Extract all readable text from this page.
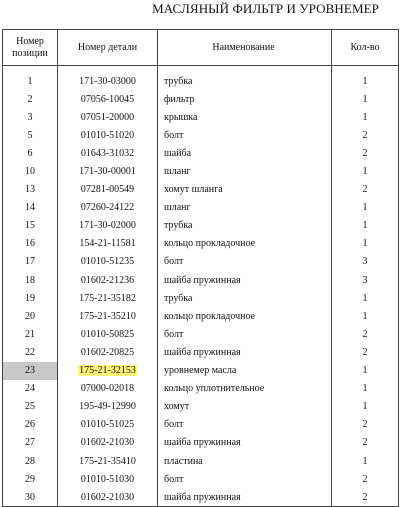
МАСЛЯНЫЙ ФИЛЬТР И УРОВНЕМЕР
Номер позиции	Номер детали	Наименование	Кол-во
1	171-30-03000	трубка	1
2	07056-10045	фильтр	1
3	07051-20000	крышка	1
5	01010-51020	болт	2
6	01643-31032	шайба	2
10	171-30-00001	шланг	1
13	07281-00549	хомут шланга	2
14	07260-24122	шланг	1
15	171-30-02000	трубка	1
16	154-21-11581	кольцо прокладочное	1
17	01010-51235	болт	3
18	01602-21236	шайба пружинная	3
19	175-21-35182	трубка	1
20	175-21-35210	кольцо прокладочное	1
21	01010-50825	болт	2
22	01602-20825	шайба пружинная	2
23	175-21-32153	уровнемер масла	1
24	07000-02018	кольцо уплотнительное	1
25	195-49-12990	хомут	1
26	01010-51025	болт	2
27	01602-21030	шайба пружинная	2
28	175-21-35410	пластина	1
29	01010-51030	болт	2
30	01602-21030	шайба пружинная	2
